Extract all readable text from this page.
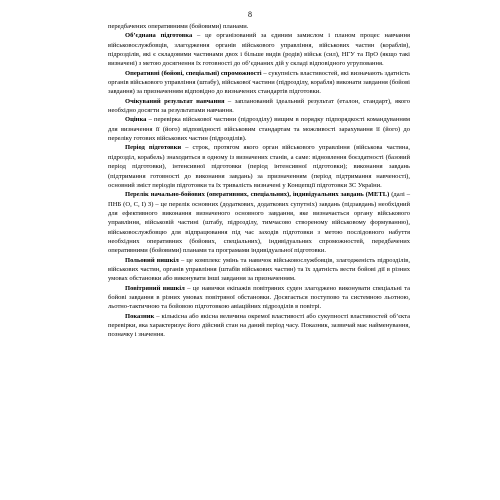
8

передбачених оперативними (бойовими) планами.

Об’єднана підготовка – це організований за єдиним замислом і планом процес навчання військовослужбовців, злагодження органів військового управління, військових частин (кораблів), підрозділів, які є складовими частинами двох і більше видів (родів) військ (сил), НГУ та ПрО (якщо такі визначені) з метою досягнення їх готовності до об’єднаних дій у складі відповідного угруповання.

Оперативні (бойові, спеціальні) спроможності – сукупність властивостей, які визначають здатність органів військового управління (штабу), військової частини (підрозділу, корабля) виконати завдання (бойові завдання) за призначенням відповідно до визначених стандартів підготовки.

Очікуваний результат навчання – запланований ідеальний результат (еталон, стандарт), якого необхідно досягти за результатами навчання.

Оцінка – перевірка військової частини (підрозділу) вищим в порядку підпорядкості командуванням для визначення її (його) відповідності військовим стандартам та можливості зарахування її (його) до переліку готових військових частин (підрозділів).

Період підготовки – строк, протягом якого орган військового управління (військова частина, підрозділ, корабель) знаходиться в одному із визначених станів, а саме: відновлення боєздатності (базовий період підготовки), інтенсивної підготовки (період інтенсивної підготовки); виконання завдань (підтримання готовності до виконання завдань) за призначенням (період підтримання навченості), основний зміст періодів підготовки та їх тривалість визначені у Концепції підготовки ЗС України.

Перелік начально-бойових (оперативних, спеціальних), індивідуальних завдань (METL) (далі – ПНБ (О, С, І) З) – це перелік основних (додаткових, додаткових супутніх) завдань (підзавдань) необхідний для ефективного виконання визначеного основного завдання, яке визначається органу військового управління, військовій частині (штабу, підрозділу, тимчасово створеному військовому формуванню), військовослужбовцю для відпрацювання під час заходів підготовки з метою послідовного набуття необхідних оперативних (бойових, спеціальних), індивідуальних спроможностей, передбачених оперативними (бойовими) планами та програмами індивідуальної підготовки.

Польовий вишкіл – це комплекс умінь та навичок військовослужбовців, злагодженість підрозділів, військових частин, органів управління (штабів військових частин) та їх здатність вести бойові дії в різних умовах обстановки або виконувати інші завдання за призначенням.

Повітряний вишкіл – це навички екіпажів повітряних суден злагоджено виконувати спеціальні та бойові завдання в різних умовах повітряної обстановки. Досягається поступово та системною льотною, льотно-тактичною та бойовою підготовкою авіаційних підрозділів в повітрі.

Показник – кількісна або якісна величина окремої властивості або сукупності властивостей об’єкта перевірки, яка характеризує його дійсний стан на даний період часу. Показник, зазвичай має найменування, позначку і значення.
